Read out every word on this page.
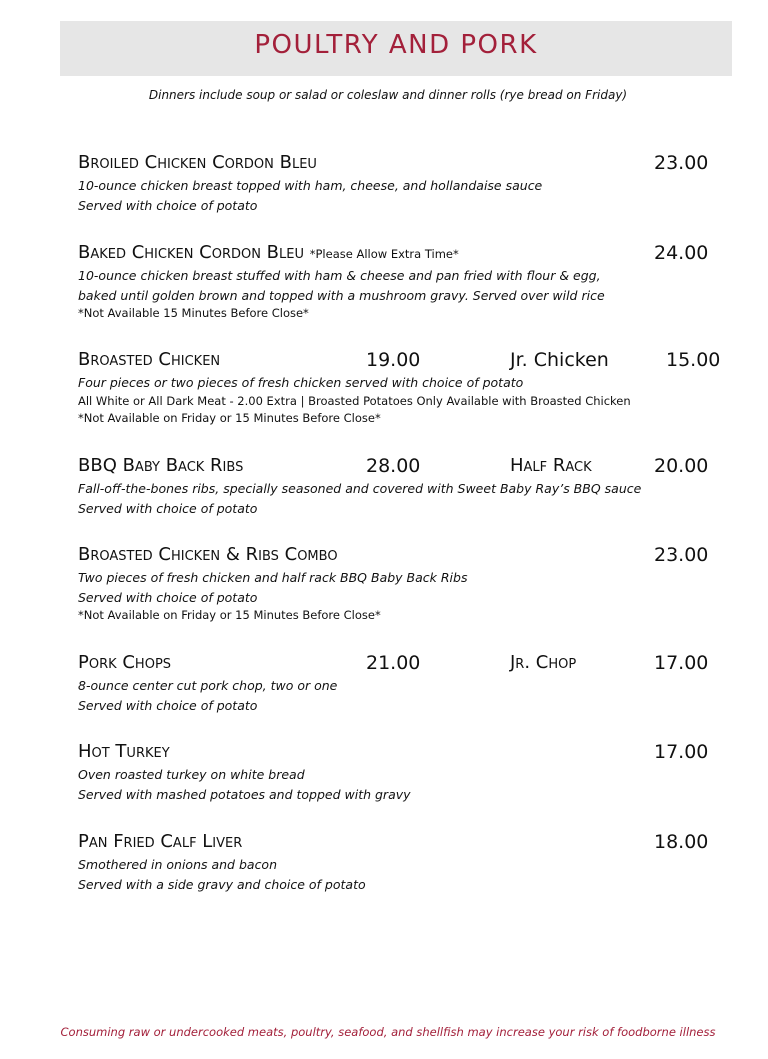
POULTRY AND PORK

Dinners include soup or salad or coleslaw and dinner rolls (rye bread on Friday)

Broiled Chicken Cordon Bleu	23.00
10-ounce chicken breast topped with ham, cheese, and hollandaise sauce
Served with choice of potato
Baked Chicken Cordon Bleu *Please Allow Extra Time*	24.00
10-ounce chicken breast stuffed with ham & cheese and pan fried with flour & egg,
baked until golden brown and topped with a mushroom gravy. Served over wild rice
*Not Available 15 Minutes Before Close*
Broasted Chicken	19.00	Jr. Chicken	15.00
Four pieces or two pieces of fresh chicken served with choice of potato
All White or All Dark Meat - 2.00 Extra | Broasted Potatoes Only Available with Broasted Chicken
*Not Available on Friday or 15 Minutes Before Close*
BBQ Baby Back Ribs	28.00	Half Rack	20.00
Fall-off-the-bones ribs, specially seasoned and covered with Sweet Baby Ray’s BBQ sauce
Served with choice of potato
Broasted Chicken & Ribs Combo	23.00
Two pieces of fresh chicken and half rack BBQ Baby Back Ribs
Served with choice of potato
*Not Available on Friday or 15 Minutes Before Close*
Pork Chops	21.00	Jr. Chop	17.00
8-ounce center cut pork chop, two or one
Served with choice of potato
Hot Turkey	17.00
Oven roasted turkey on white bread
Served with mashed potatoes and topped with gravy
Pan Fried Calf Liver	18.00
Smothered in onions and bacon
Served with a side gravy and choice of potato

Consuming raw or undercooked meats, poultry, seafood, and shellfish may increase your risk of foodborne illness
